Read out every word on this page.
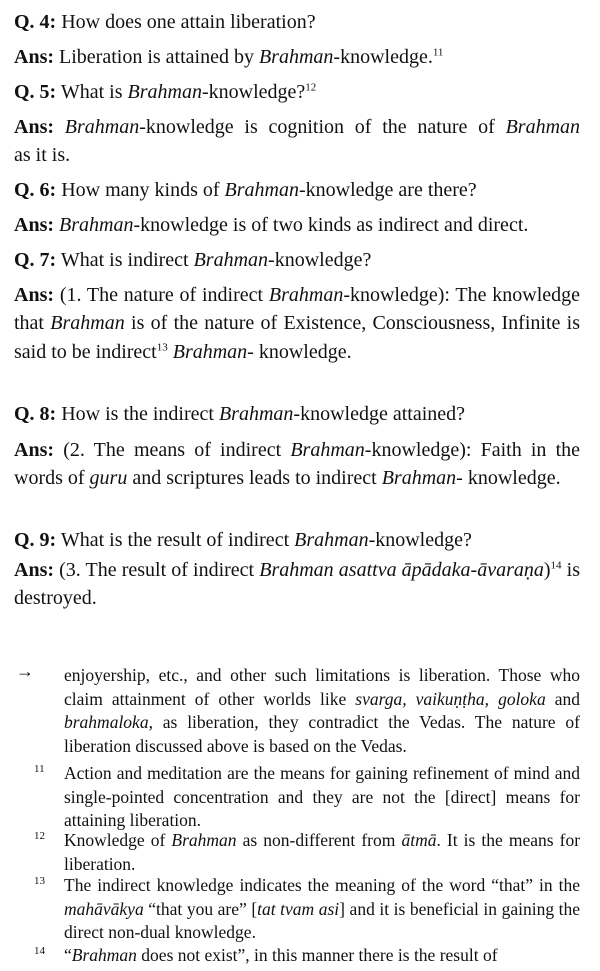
Q. 4: How does one attain liberation?

Ans: Liberation is attained by Brahman-knowledge.$^{11}$

Q. 5: What is Brahman-knowledge?$^{12}$

Ans: Brahman-knowledge is cognition of the nature of Brahman

as it is.

Q. 6: How many kinds of Brahman-knowledge are there?

Ans: Brahman-knowledge is of two kinds as indirect and direct.

Q. 7: What is indirect Brahman-knowledge?

Ans: (1. The nature of indirect Brahman-knowledge): The knowledge that Brahman is of the nature of Existence, Consciousness, Infinite is said to be indirect$^{13}$ Brahman- knowledge.

Q. 8: How is the indirect Brahman-knowledge attained?

Ans: (2. The means of indirect Brahman-knowledge): Faith in the words of guru and scriptures leads to indirect Brahman- knowledge.

Q. 9: What is the result of indirect Brahman-knowledge?

Ans: (3. The result of indirect Brahman asattva āpādaka-āvaraṇa)$^{14}$ is destroyed.

→ enjoyership, etc., and other such limitations is liberation. Those who claim attainment of other worlds like svarga, vaikuṇṭha, goloka and brahmaloka, as liberation, they contradict the Vedas. The nature of liberation discussed above is based on the Vedas.

11 Action and meditation are the means for gaining refinement of mind and single-pointed concentration and they are not the [direct] means for attaining liberation.

12 Knowledge of Brahman as non-different from ātmā. It is the means for liberation.

13 The indirect knowledge indicates the meaning of the word “that” in the mahāvākya “that you are” [tat tvam asi] and it is beneficial in gaining the direct non-dual knowledge.

14 “Brahman does not exist”, in this manner there is the result of
